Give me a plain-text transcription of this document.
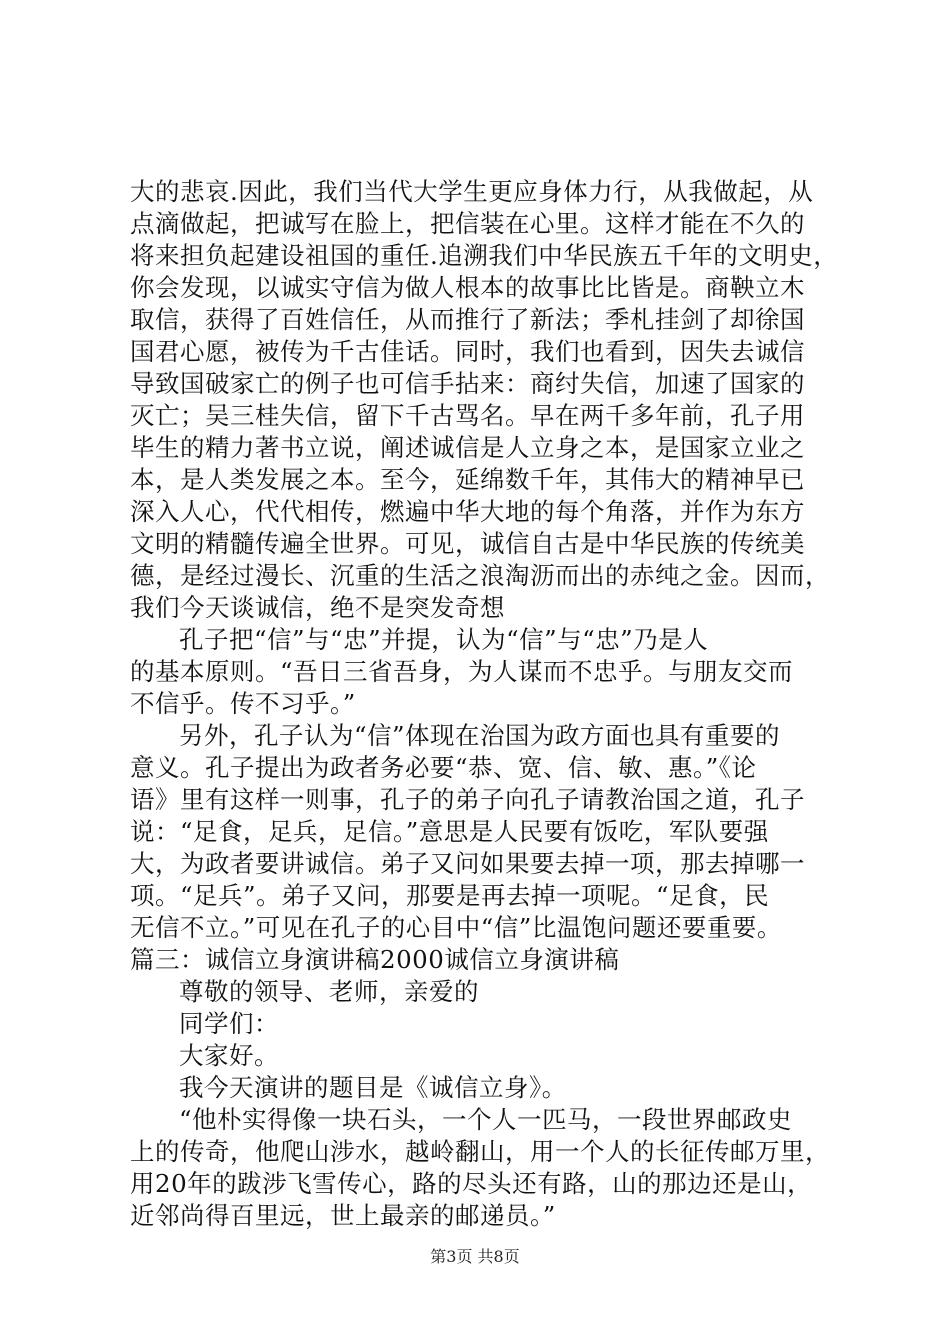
大的悲哀.因此，我们当代大学生更应身体力行，从我做起，从
点滴做起，把诚写在脸上，把信装在心里。这样才能在不久的
将来担负起建设祖国的重任.追溯我们中华民族五千年的文明史，
你会发现，以诚实守信为做人根本的故事比比皆是。商鞅立木
取信，获得了百姓信任，从而推行了新法；季札挂剑了却徐国
国君心愿，被传为千古佳话。同时，我们也看到，因失去诚信
导致国破家亡的例子也可信手拈来：商纣失信，加速了国家的
灭亡；吴三桂失信，留下千古骂名。早在两千多年前，孔子用
毕生的精力著书立说，阐述诚信是人立身之本，是国家立业之
本，是人类发展之本。至今，延绵数千年，其伟大的精神早已
深入人心，代代相传，燃遍中华大地的每个角落，并作为东方
文明的精髓传遍全世界。可见，诚信自古是中华民族的传统美
德，是经过漫长、沉重的生活之浪淘沥而出的赤纯之金。因而，
我们今天谈诚信，绝不是突发奇想
孔子把“信”与“忠”并提，认为“信”与“忠”乃是人
的基本原则。“吾日三省吾身，为人谋而不忠乎。与朋友交而
不信乎。传不习乎。”
另外，孔子认为“信”体现在治国为政方面也具有重要的
意义。孔子提出为政者务必要“恭、宽、信、敏、惠。”《论
语》里有这样一则事，孔子的弟子向孔子请教治国之道，孔子
说：“足食，足兵，足信。”意思是人民要有饭吃，军队要强
大，为政者要讲诚信。弟子又问如果要去掉一项，那去掉哪一
项。“足兵”。弟子又问，那要是再去掉一项呢。“足食，民
无信不立。”可见在孔子的心目中“信”比温饱问题还要重要。
篇三：诚信立身演讲稿2000诚信立身演讲稿
尊敬的领导、老师，亲爱的
同学们：
大家好。
我今天演讲的题目是《诚信立身》。
“他朴实得像一块石头，一个人一匹马，一段世界邮政史
上的传奇，他爬山涉水，越岭翻山，用一个人的长征传邮万里，
用20年的跋涉飞雪传心，路的尽头还有路，山的那边还是山，
近邻尚得百里远，世上最亲的邮递员。”
第3页 共8页
